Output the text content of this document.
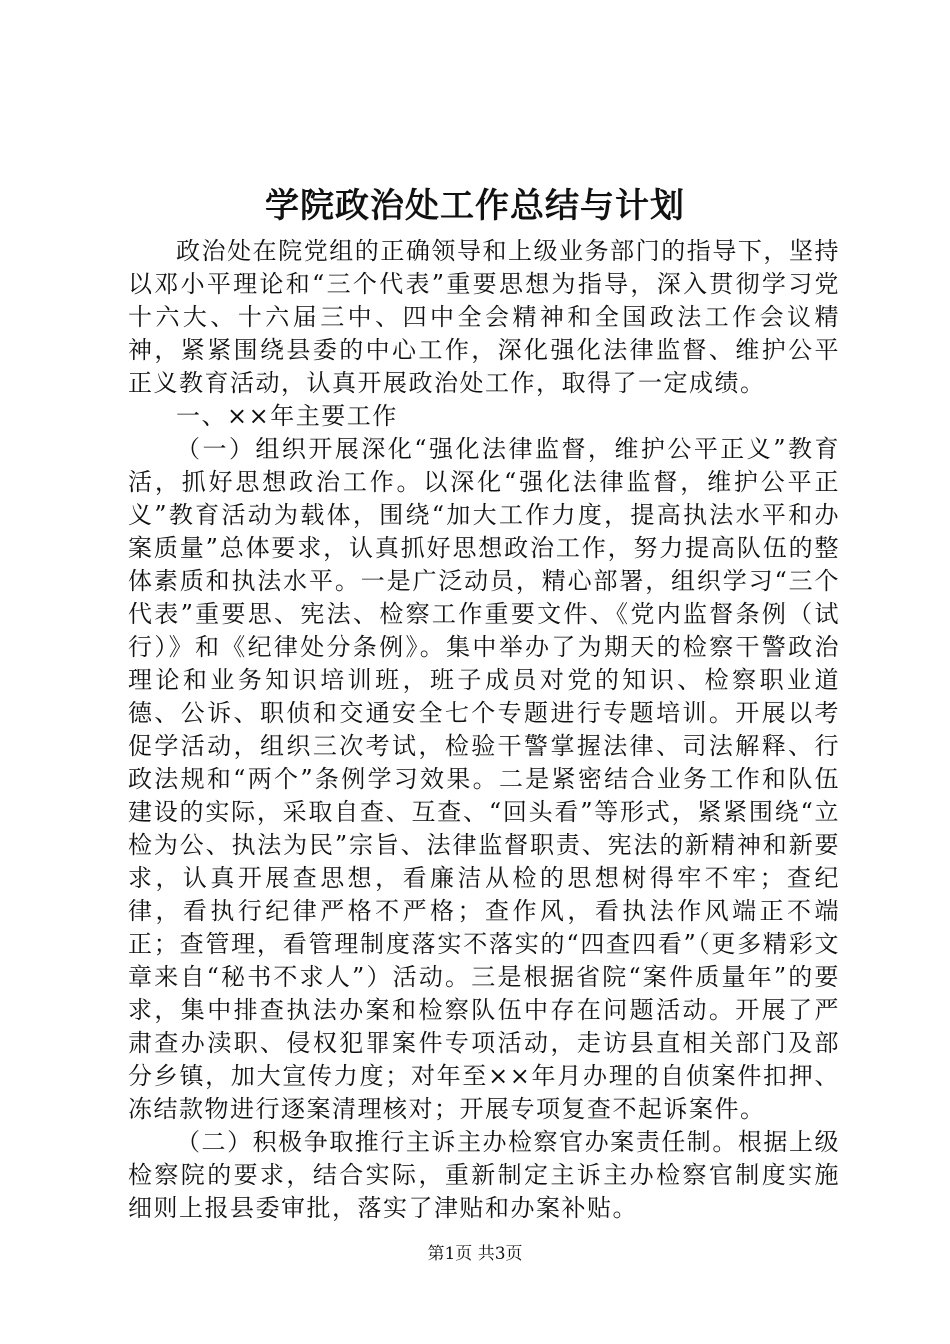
学院政治处工作总结与计划

政治处在院党组的正确领导和上级业务部门的指导下，坚持以邓小平理论和“三个代表”重要思想为指导，深入贯彻学习党十六大、十六届三中、四中全会精神和全国政法工作会议精神，紧紧围绕县委的中心工作，深化强化法律监督、维护公平正义教育活动，认真开展政治处工作，取得了一定成绩。

一、××年主要工作

（一）组织开展深化“强化法律监督，维护公平正义”教育活，抓好思想政治工作。以深化“强化法律监督，维护公平正义”教育活动为载体，围绕“加大工作力度，提高执法水平和办案质量”总体要求，认真抓好思想政治工作，努力提高队伍的整体素质和执法水平。一是广泛动员，精心部署，组织学习“三个代表”重要思、宪法、检察工作重要文件、《党内监督条例（试行）》和《纪律处分条例》。集中举办了为期天的检察干警政治理论和业务知识培训班，班子成员对党的知识、检察职业道德、公诉、职侦和交通安全七个专题进行专题培训。开展以考促学活动，组织三次考试，检验干警掌握法律、司法解释、行政法规和“两个”条例学习效果。二是紧密结合业务工作和队伍建设的实际，采取自查、互查、“回头看”等形式，紧紧围绕“立检为公、执法为民”宗旨、法律监督职责、宪法的新精神和新要求，认真开展查思想，看廉洁从检的思想树得牢不牢；查纪律，看执行纪律严格不严格；查作风，看执法作风端正不端正；查管理，看管理制度落实不落实的“四查四看”（更多精彩文章来自“秘书不求人”）活动。三是根据省院“案件质量年”的要求，集中排查执法办案和检察队伍中存在问题活动。开展了严肃查办渎职、侵权犯罪案件专项活动，走访县直相关部门及部分乡镇，加大宣传力度；对年至××年月办理的自侦案件扣押、冻结款物进行逐案清理核对；开展专项复查不起诉案件。

（二）积极争取推行主诉主办检察官办案责任制。根据上级检察院的要求，结合实际，重新制定主诉主办检察官制度实施细则上报县委审批，落实了津贴和办案补贴。

第1页 共3页
